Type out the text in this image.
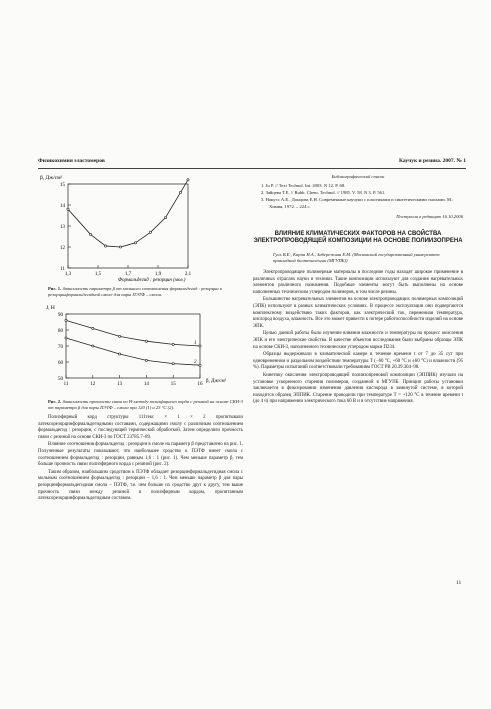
Физикохимия эластомеров	Каучук и резина. 2007. № 1
β, Дж/см²
Формальдегид : резорцин (мол.)
1,3	1,5	1,7	1,9	2,1
11
12
13
14
15
Рис. 1. Зависимость параметра β от мольного соотношения формальдегид : резорцин в резорцинформальдегидной смоле для пары ПЭТФ – смола.
J, Н
β, Дж/см²
11	12	13	14	15	16
50
60
70
80
90
1
2
Рис. 2. Зависимость прочности связи по Н-методу полиэфирного корда с резиной на основе СКИ-3 от параметра β для пары ПЭТФ – смола при 120 (1) и 23 °С (2).

Полиэфирный корд структуры 111текс × 1 × 2 пропитывали латексорезорцинформальдегидными составами, содержащими смолу с различным соотношением формальдегид : резорцин, с последующей термической обработкой. Затем определяли прочность связи с резиной на основе СКИ-3 по ГОСТ 23785.7–89.

Влияние соотношения формальдегид : резорцин в смоле на параметр β представлено на рис. 1. Полученные результаты показывают, что наибольшее сродство к ПЭТФ имеет смола с соотношением формальдегид : резорцин, равным 1,6 : 1 (рис. 1). Чем меньше параметр β, тем больше прочность связи полиэфирного корда с резиной (рис. 2).

Таким образом, наибольшим сродством к ПЭТФ обладает резорцинформальдегидная смола с мольным соотношением формальдегид : резорцин – 1,6 : 1. Чем меньше параметр β для пары резорцинформальдегидная смола – ПЭТФ, т.е. чем больше их сродство друг к другу, тем выше прочность связи между резиной и полиэфирным кордом, пропитанным латексорезорцинформальдегидным составом.

Библиографический список
1. Ju P. // Text Technol. Int. 2003. N 12. P. 68.
2. Зайцева Т.Е. // Rubb. Chem. Technol. // 1985. V. 58. N 3. P. 561.
3. Нанусс А.Е., Донцова Е.Н. Современные каучуки с пластиками и синтетическими смолами. М.: Химия, 1972. – 224 с.
Поступила в редакцию 16.10.2006
ВЛИЯНИЕ КЛИМАТИЧЕСКИХ ФАКТОРОВ НА СВОЙСТВА ЭЛЕКТРОПРОВОДЯЩЕЙ КОМПОЗИЦИИ НА ОСНОВЕ ПОЛИИЗОПРЕНА
Гусь В.Е., Карпа Н.А., Забережная Е.М. (Московский государственный университет прикладной биотехнологии (МГУПБ))

Электропроводящие полимерные материалы в последние годы находят широкое применение в различных отраслях науки и техники. Такие композиции используют для создания нагревательных элементов различного назначения. Подобные элементы могут быть выполнены на основе наполненных техническим углеродом полимеров, в том числе резины.

Большинство нагревательных элементов на основе электропроводящих полимерных композиций (ЭПК) используют в разных климатических условиях. В процессе эксплуатации они подвергаются комплексному воздействию таких факторов, как электрический ток, переменная температура, кислород воздуха, влажность. Все это может привести к потере работоспособности изделий на основе ЭПК.

Целью данной работы было изучение влияния влажности и температуры на процесс окисления ЭПК и его электрические свойства. В качестве объектов исследования были выбраны образцы ЭПК на основе СКИ-3, наполненного техническим углеродом марки П234.

Образцы выдерживали в климатической камере в течение времени t от 7 до 35 сут при одновременном и раздельном воздействии температуры Т (−60 °С, +60 °С и ±60 °С) и влажности (95 %). Параметры испытаний соответствовали требованиям ГОСТ РВ 20.39.304–98.

Кинетику окисления электропроводящей полиизопреновой композиции (ЭППИК) изучали на установке ускоренного старения полимеров, созданной в МГУПБ. Принцип работы установки заключается в фиксировании изменения давления кислорода в замкнутой системе, в которой находится образец ЭППИК. Старение проводили при температуре Т = +120 °С в течение времени t (до 4 ч) при напряжении электрического тока 60 В и в отсутствие напряжения.

11
